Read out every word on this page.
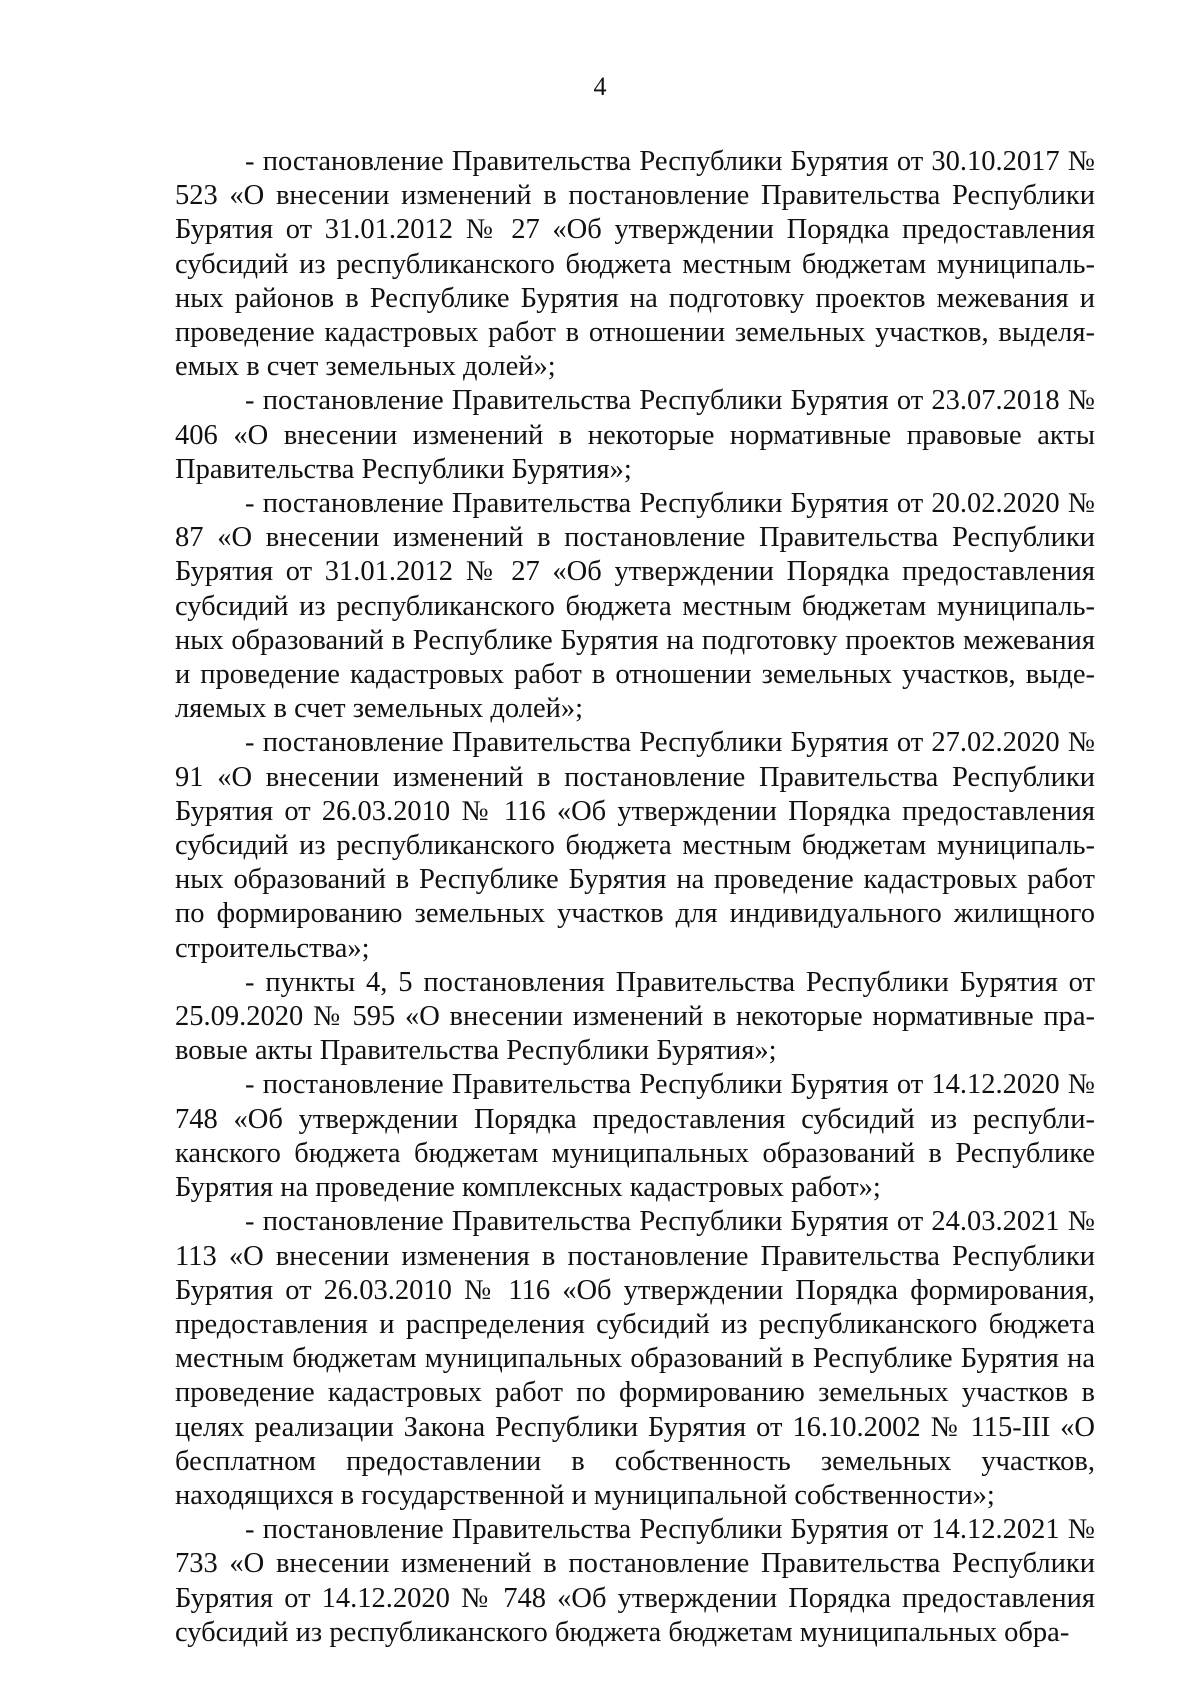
4

- постановление Правительства Республики Бурятия от 30.10.2017 № 523 «О внесении изменений в постановление Правительства Республики Бурятия от 31.01.2012 № 27 «Об утверждении Порядка предоставления субсидий из республиканского бюджета местным бюджетам муниципальных районов в Республике Бурятия на подготовку проектов межевания и проведение кадастровых работ в отношении земельных участков, выделяемых в счет земельных долей»;

- постановление Правительства Республики Бурятия от 23.07.2018 № 406 «О внесении изменений в некоторые нормативные правовые акты Правительства Республики Бурятия»;

- постановление Правительства Республики Бурятия от 20.02.2020 № 87 «О внесении изменений в постановление Правительства Республики Бурятия от 31.01.2012 № 27 «Об утверждении Порядка предоставления субсидий из республиканского бюджета местным бюджетам муниципальных образований в Республике Бурятия на подготовку проектов межевания и проведение кадастровых работ в отношении земельных участков, выделяемых в счет земельных долей»;

- постановление Правительства Республики Бурятия от 27.02.2020 № 91 «О внесении изменений в постановление Правительства Республики Бурятия от 26.03.2010 № 116 «Об утверждении Порядка предоставления субсидий из республиканского бюджета местным бюджетам муниципальных образований в Республике Бурятия на проведение кадастровых работ по формированию земельных участков для индивидуального жилищного строительства»;

- пункты 4, 5 постановления Правительства Республики Бурятия от 25.09.2020 № 595 «О внесении изменений в некоторые нормативные правовые акты Правительства Республики Бурятия»;

- постановление Правительства Республики Бурятия от 14.12.2020 № 748 «Об утверждении Порядка предоставления субсидий из республиканского бюджета бюджетам муниципальных образований в Республике Бурятия на проведение комплексных кадастровых работ»;

- постановление Правительства Республики Бурятия от 24.03.2021 № 113 «О внесении изменения в постановление Правительства Республики Бурятия от 26.03.2010 № 116 «Об утверждении Порядка формирования, предоставления и распределения субсидий из республиканского бюджета местным бюджетам муниципальных образований в Республике Бурятия на проведение кадастровых работ по формированию земельных участков в целях реализации Закона Республики Бурятия от 16.10.2002 № 115-III «О бесплатном предоставлении в собственность земельных участков, находящихся в государственной и муниципальной собственности»;

- постановление Правительства Республики Бурятия от 14.12.2021 № 733 «О внесении изменений в постановление Правительства Республики Бурятия от 14.12.2020 № 748 «Об утверждении Порядка предоставления субсидий из республиканского бюджета бюджетам муниципальных обра-
